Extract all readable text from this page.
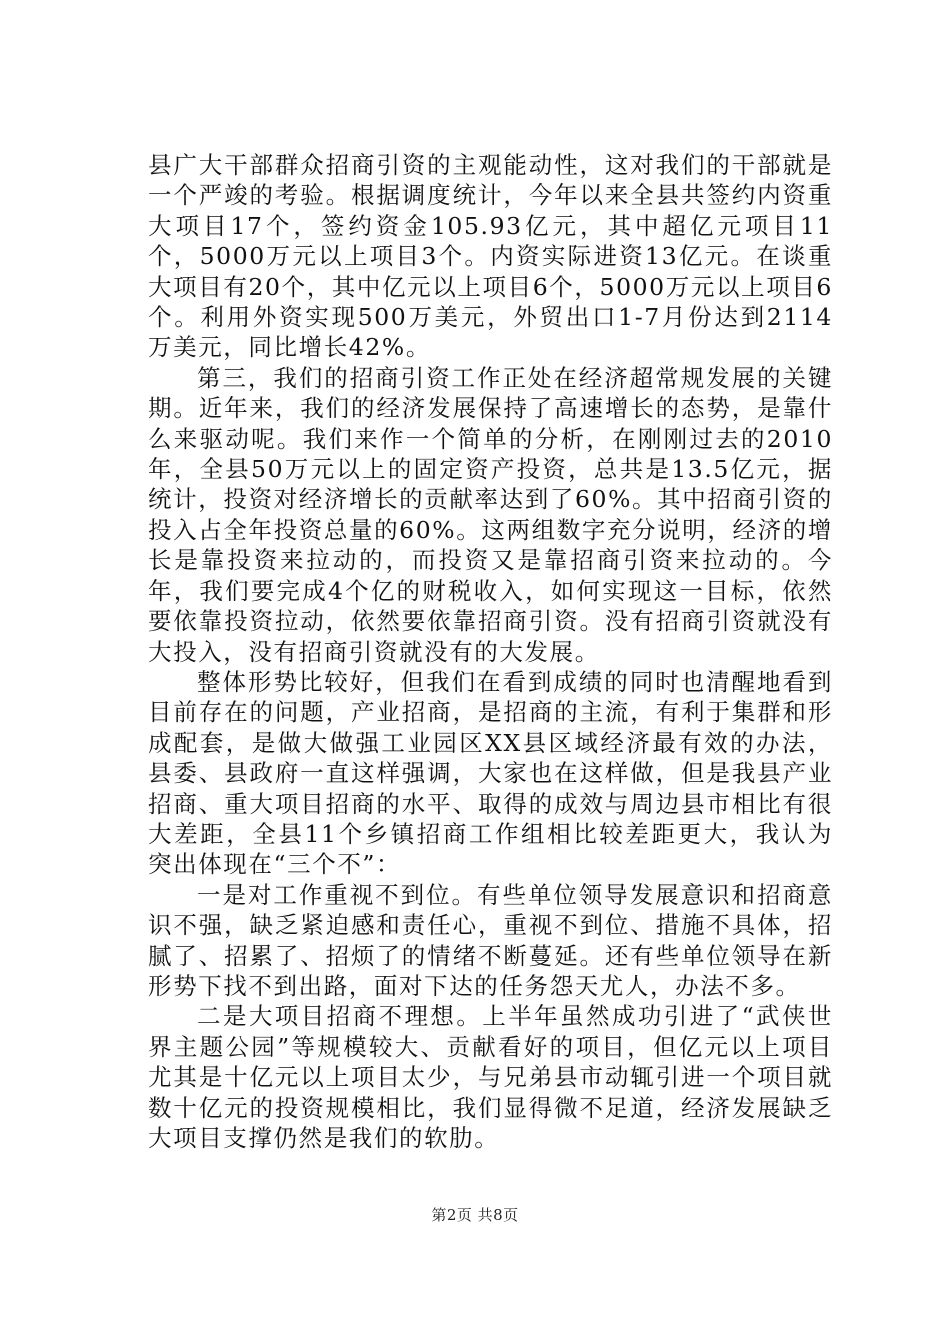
县广大干部群众招商引资的主观能动性，这对我们的干部就是一个严竣的考验。根据调度统计，今年以来全县共签约内资重大项目17个，签约资金105.93亿元，其中超亿元项目11个，5000万元以上项目3个。内资实际进资13亿元。在谈重大项目有20个，其中亿元以上项目6个，5000万元以上项目6个。利用外资实现500万美元，外贸出口1-7月份达到2114万美元，同比增长42%。

第三，我们的招商引资工作正处在经济超常规发展的关键期。近年来，我们的经济发展保持了高速增长的态势，是靠什么来驱动呢。我们来作一个简单的分析，在刚刚过去的2010年，全县50万元以上的固定资产投资，总共是13.5亿元，据统计，投资对经济增长的贡献率达到了60%。其中招商引资的投入占全年投资总量的60%。这两组数字充分说明，经济的增长是靠投资来拉动的，而投资又是靠招商引资来拉动的。今年，我们要完成4个亿的财税收入，如何实现这一目标，依然要依靠投资拉动，依然要依靠招商引资。没有招商引资就没有大投入，没有招商引资就没有的大发展。

整体形势比较好，但我们在看到成绩的同时也清醒地看到目前存在的问题，产业招商，是招商的主流，有利于集群和形成配套，是做大做强工业园区XX县区域经济最有效的办法，县委、县政府一直这样强调，大家也在这样做，但是我县产业招商、重大项目招商的水平、取得的成效与周边县市相比有很大差距，全县11个乡镇招商工作组相比较差距更大，我认为突出体现在“三个不”：

一是对工作重视不到位。有些单位领导发展意识和招商意识不强，缺乏紧迫感和责任心，重视不到位、措施不具体，招腻了、招累了、招烦了的情绪不断蔓延。还有些单位领导在新形势下找不到出路，面对下达的任务怨天尤人，办法不多。

二是大项目招商不理想。上半年虽然成功引进了“武侠世界主题公园”等规模较大、贡献看好的项目，但亿元以上项目尤其是十亿元以上项目太少，与兄弟县市动辄引进一个项目就数十亿元的投资规模相比，我们显得微不足道，经济发展缺乏大项目支撑仍然是我们的软肋。

第2页 共8页
